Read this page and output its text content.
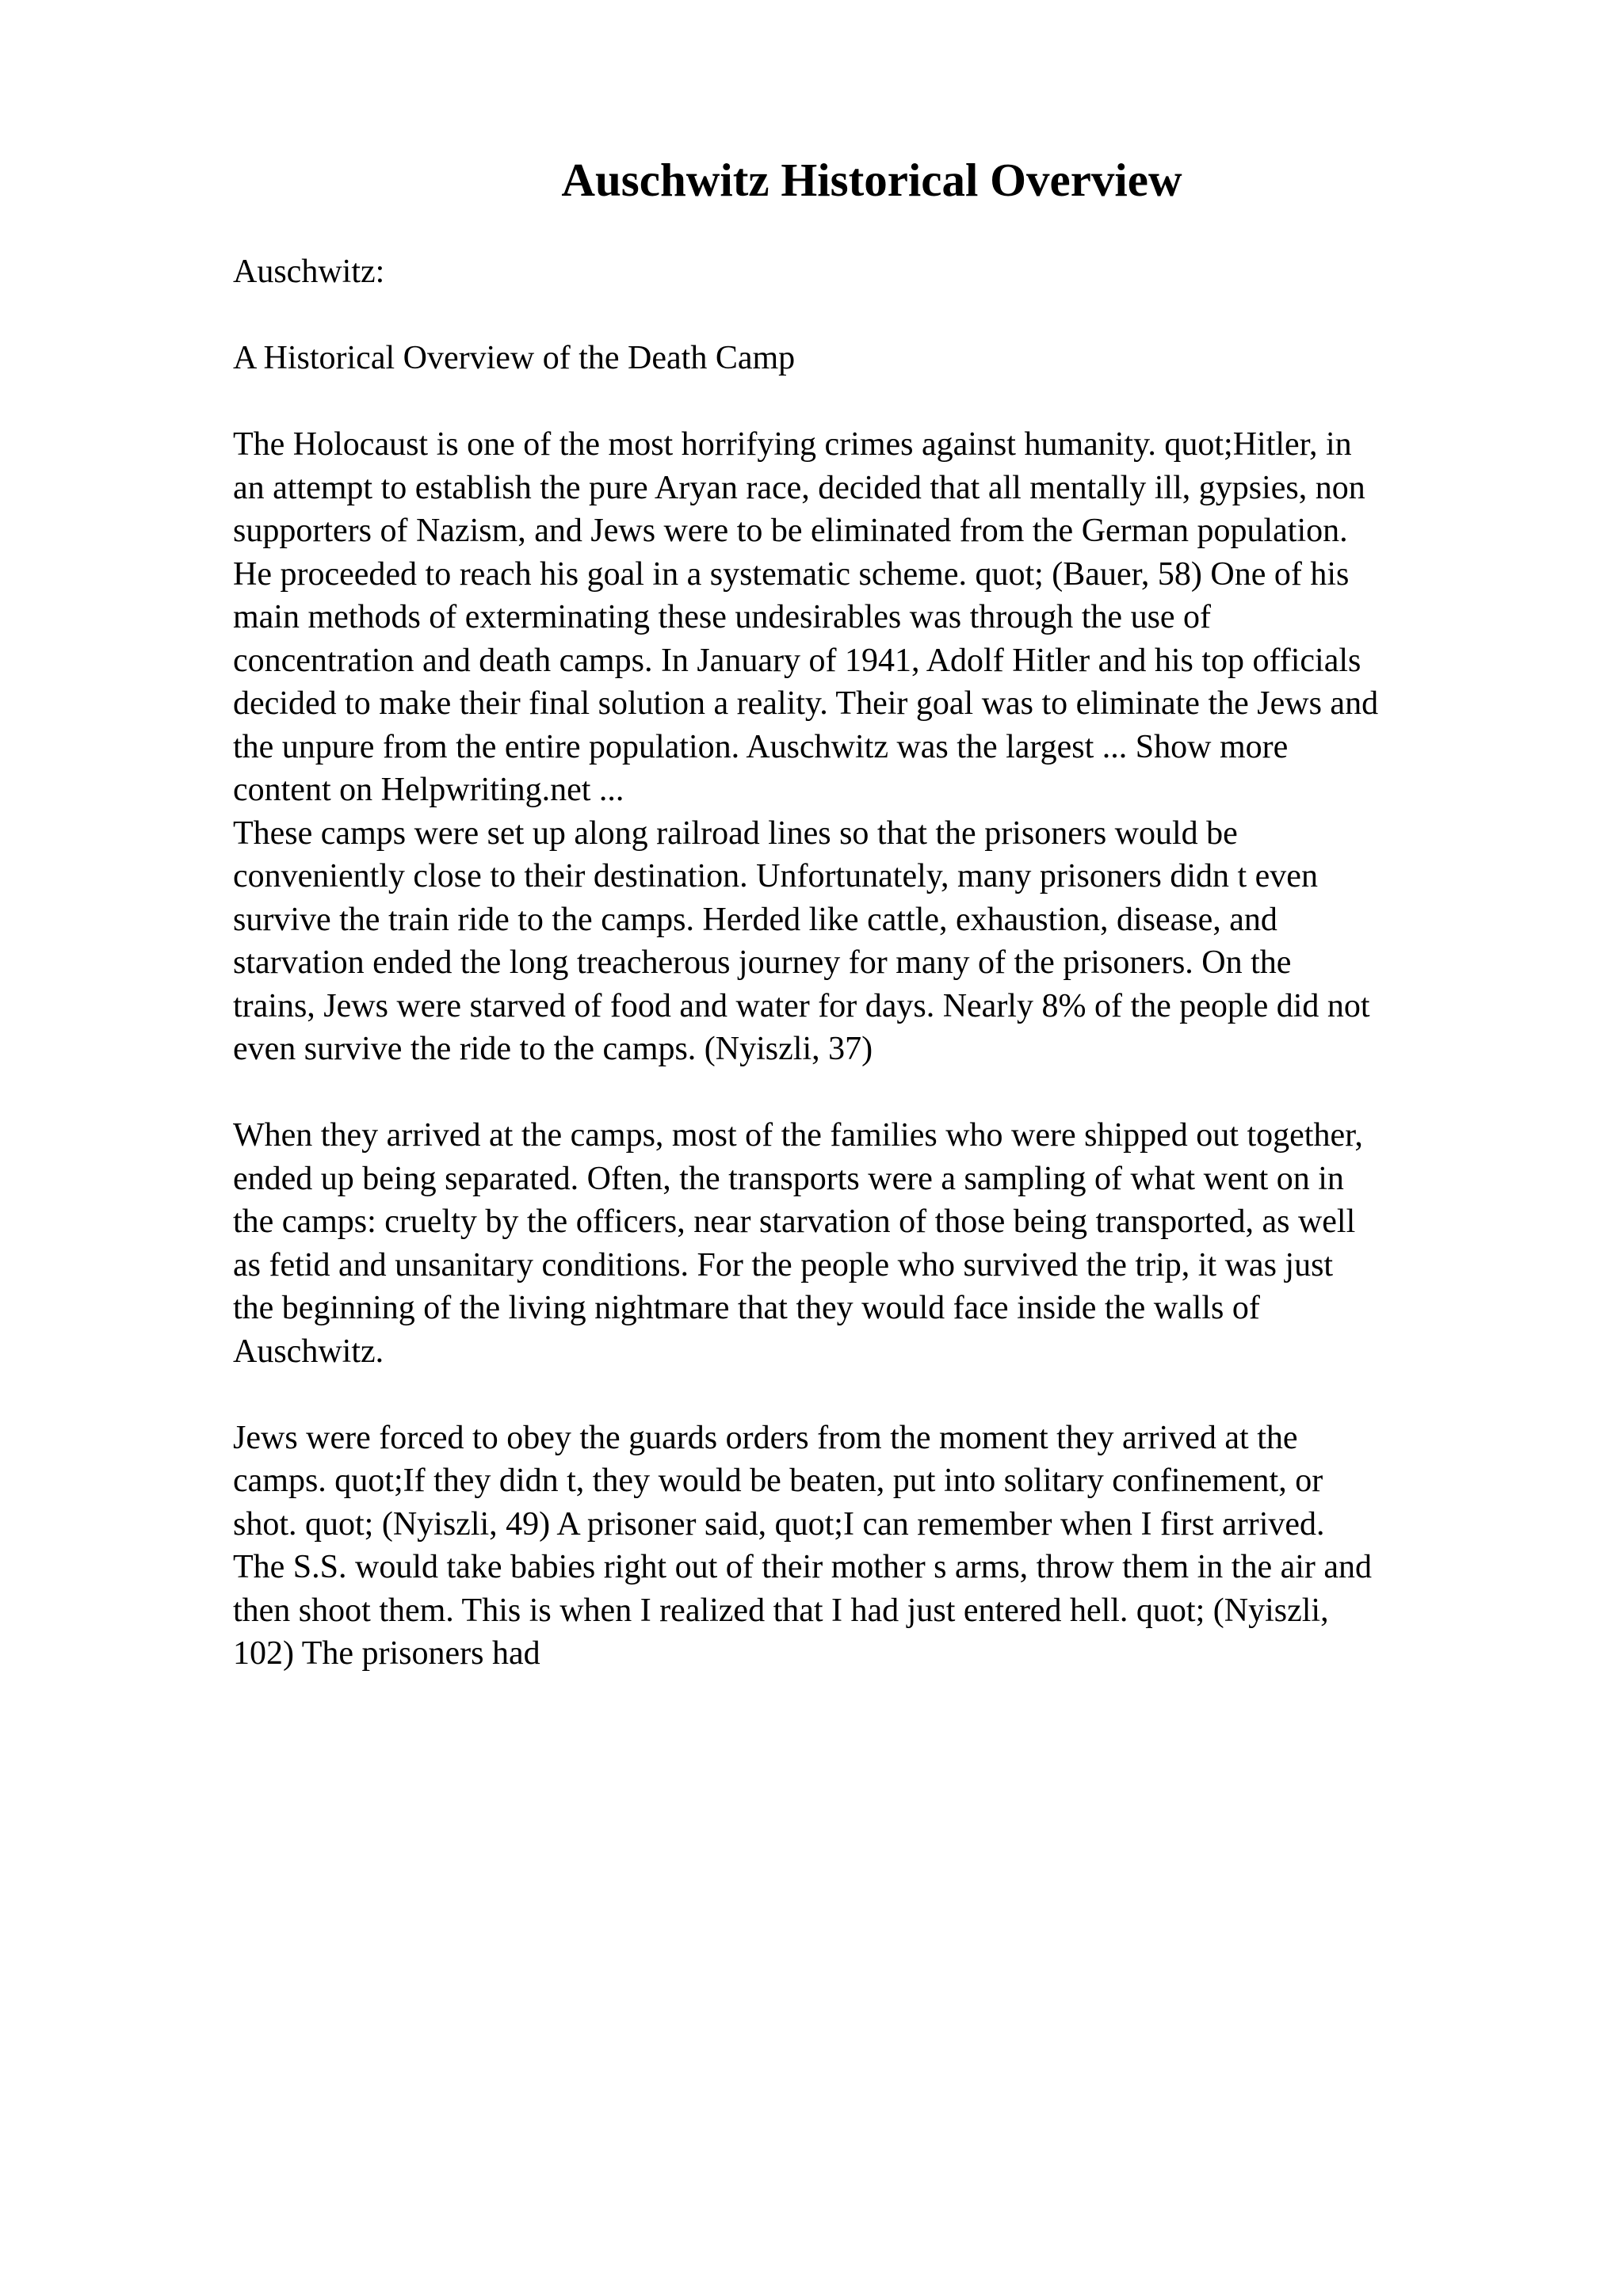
Auschwitz Historical Overview

Auschwitz:

A Historical Overview of the Death Camp

The Holocaust is one of the most horrifying crimes against humanity. quot;Hitler, in
an attempt to establish the pure Aryan race, decided that all mentally ill, gypsies, non
supporters of Nazism, and Jews were to be eliminated from the German population.
He proceeded to reach his goal in a systematic scheme. quot; (Bauer, 58) One of his
main methods of exterminating these undesirables was through the use of
concentration and death camps. In January of 1941, Adolf Hitler and his top officials
decided to make their final solution a reality. Their goal was to eliminate the Jews and
the unpure from the entire population. Auschwitz was the largest ... Show more
content on Helpwriting.net ...

These camps were set up along railroad lines so that the prisoners would be
conveniently close to their destination. Unfortunately, many prisoners didn t even
survive the train ride to the camps. Herded like cattle, exhaustion, disease, and
starvation ended the long treacherous journey for many of the prisoners. On the
trains, Jews were starved of food and water for days. Nearly 8% of the people did not
even survive the ride to the camps. (Nyiszli, 37)

When they arrived at the camps, most of the families who were shipped out together,
ended up being separated. Often, the transports were a sampling of what went on in
the camps: cruelty by the officers, near starvation of those being transported, as well
as fetid and unsanitary conditions. For the people who survived the trip, it was just
the beginning of the living nightmare that they would face inside the walls of
Auschwitz.

Jews were forced to obey the guards orders from the moment they arrived at the
camps. quot;If they didn t, they would be beaten, put into solitary confinement, or
shot. quot; (Nyiszli, 49) A prisoner said, quot;I can remember when I first arrived.
The S.S. would take babies right out of their mother s arms, throw them in the air and
then shoot them. This is when I realized that I had just entered hell. quot; (Nyiszli,
102) The prisoners had
